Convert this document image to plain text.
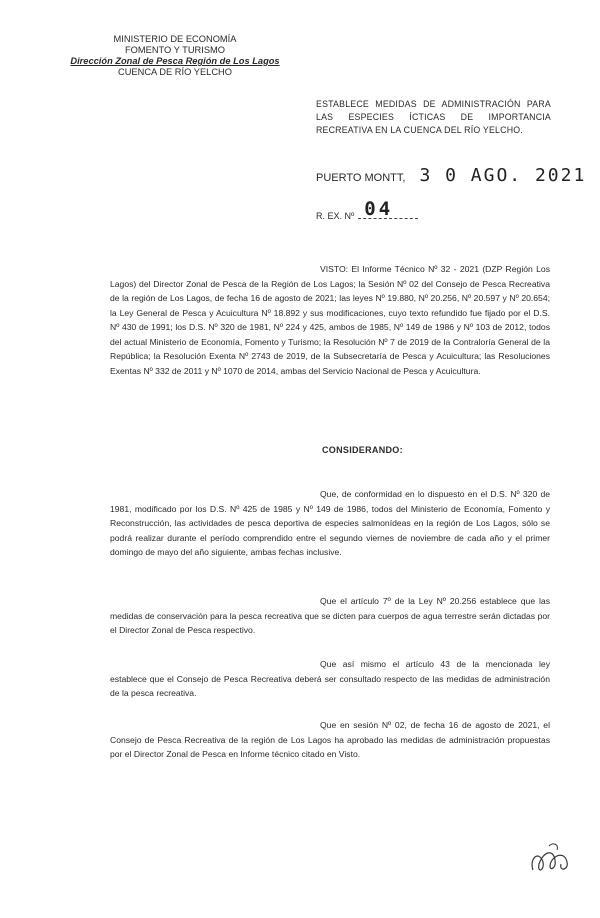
MINISTERIO DE ECONOMÍA
FOMENTO Y TURISMO
Dirección Zonal de Pesca Región de Los Lagos
CUENCA DE RÍO YELCHO
ESTABLECE MEDIDAS DE ADMINISTRACIÓN PARA LAS ESPECIES ÍCTICAS DE IMPORTANCIA RECREATIVA EN LA CUENCA DEL RÍO YELCHO.
PUERTO MONTT, 3 0 AGO. 2021
R. EX. Nº 04

VISTO: El Informe Técnico Nº 32 - 2021 (DZP Región Los Lagos) del Director Zonal de Pesca de la Región de Los Lagos; la Sesión Nº 02 del Consejo de Pesca Recreativa de la región de Los Lagos, de fecha 16 de agosto de 2021; las leyes Nº 19.880, Nº 20.256, Nº 20.597 y Nº 20.654; la Ley General de Pesca y Acuicultura Nº 18.892 y sus modificaciones, cuyo texto refundido fue fijado por el D.S. Nº 430 de 1991; los D.S. Nº 320 de 1981, Nº 224 y 425, ambos de 1985, Nº 149 de 1986 y Nº 103 de 2012, todos del actual Ministerio de Economía, Fomento y Turismo; la Resolución Nº 7 de 2019 de la Contraloría General de la República; la Resolución Exenta Nº 2743 de 2019, de la Subsecretaría de Pesca y Acuicultura; las Resoluciones Exentas Nº 332 de 2011 y Nº 1070 de 2014, ambas del Servicio Nacional de Pesca y Acuicultura.

CONSIDERANDO:

Que, de conformidad en lo dispuesto en el D.S. Nº 320 de 1981, modificado por los D.S. Nº 425 de 1985 y Nº 149 de 1986, todos del Ministerio de Economía, Fomento y Reconstrucción, las actividades de pesca deportiva de especies salmonídeas en la región de Los Lagos, sólo se podrá realizar durante el período comprendido entre el segundo viernes de noviembre de cada año y el primer domingo de mayo del año siguiente, ambas fechas inclusive.

Que el artículo 7º de la Ley Nº 20.256 establece que las medidas de conservación para la pesca recreativa que se dicten para cuerpos de agua terrestre serán dictadas por el Director Zonal de Pesca respectivo.

Que así mismo el artículo 43 de la mencionada ley establece que el Consejo de Pesca Recreativa deberá ser consultado respecto de las medidas de administración de la pesca recreativa.

Que en sesión Nº 02, de fecha 16 de agosto de 2021, el Consejo de Pesca Recreativa de la región de Los Lagos ha aprobado las medidas de administración propuestas por el Director Zonal de Pesca en Informe técnico citado en Visto.
